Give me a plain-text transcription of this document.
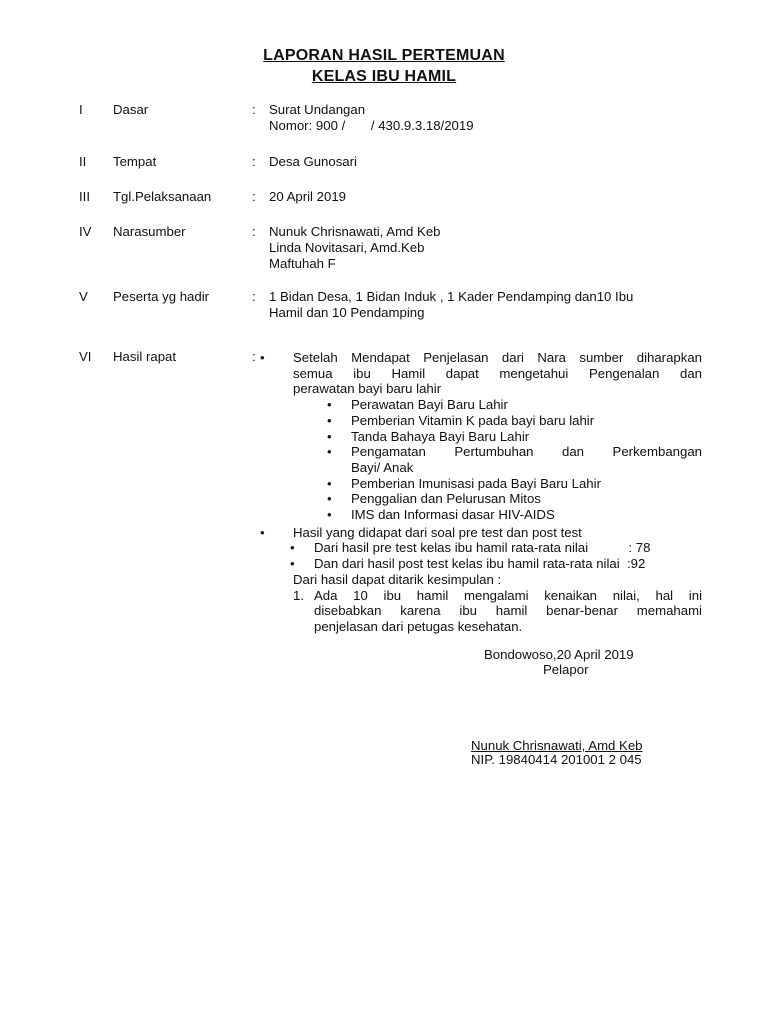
LAPORAN HASIL PERTEMUAN
KELAS IBU HAMIL
I	Dasar	: Surat Undangan
Nomor: 900 /       / 430.9.3.18/2019
II	Tempat	: Desa Gunosari
III	Tgl.Pelaksanaan	: 20 April 2019
IV	Narasumber	: Nunuk Chrisnawati, Amd Keb
Linda Novitasari, Amd.Keb
Maftuhah F
V	Peserta yg hadir	: 1 Bidan Desa, 1 Bidan Induk , 1 Kader Pendamping dan10 Ibu
Hamil dan 10 Pendamping
VI	Hasil rapat	: • Setelah Mendapat Penjelasan dari Nara sumber diharapkan
semua ibu Hamil dapat mengetahui Pengenalan dan
perawatan bayi baru lahir
• Perawatan Bayi Baru Lahir
• Pemberian Vitamin K pada bayi baru lahir
• Tanda Bahaya Bayi Baru Lahir
• Pengamatan Pertumbuhan dan Perkembangan
Bayi/ Anak
• Pemberian Imunisasi pada Bayi Baru Lahir
• Penggalian dan Pelurusan Mitos
• IMS dan Informasi dasar HIV-AIDS
• Hasil yang didapat dari soal pre test dan post test
• Dari hasil pre test kelas ibu hamil rata-rata nilai           : 78
• Dan dari hasil post test kelas ibu hamil rata-rata nilai  :92
Dari hasil dapat ditarik kesimpulan :
1. Ada 10 ibu hamil mengalami kenaikan nilai, hal ini
disebabkan karena ibu hamil benar-benar memahami
penjelasan dari petugas kesehatan.
Bondowoso,20 April 2019
Pelapor
Nunuk Chrisnawati, Amd Keb
NIP. 19840414 201001 2 045
